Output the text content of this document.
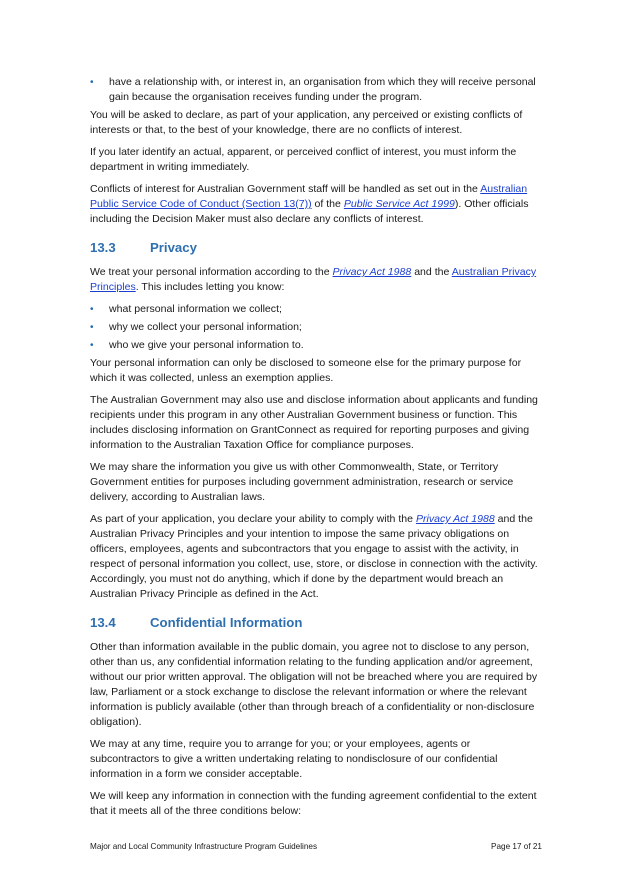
• have a relationship with, or interest in, an organisation from which they will receive personal gain because the organisation receives funding under the program.

You will be asked to declare, as part of your application, any perceived or existing conflicts of interests or that, to the best of your knowledge, there are no conflicts of interest.

If you later identify an actual, apparent, or perceived conflict of interest, you must inform the department in writing immediately.

Conflicts of interest for Australian Government staff will be handled as set out in the Australian Public Service Code of Conduct (Section 13(7)) of the Public Service Act 1999). Other officials including the Decision Maker must also declare any conflicts of interest.

13.3	Privacy

We treat your personal information according to the Privacy Act 1988 and the Australian Privacy Principles. This includes letting you know:

• what personal information we collect;
• why we collect your personal information;
• who we give your personal information to.

Your personal information can only be disclosed to someone else for the primary purpose for which it was collected, unless an exemption applies.

The Australian Government may also use and disclose information about applicants and funding recipients under this program in any other Australian Government business or function. This includes disclosing information on GrantConnect as required for reporting purposes and giving information to the Australian Taxation Office for compliance purposes.

We may share the information you give us with other Commonwealth, State, or Territory Government entities for purposes including government administration, research or service delivery, according to Australian laws.

As part of your application, you declare your ability to comply with the Privacy Act 1988 and the Australian Privacy Principles and your intention to impose the same privacy obligations on officers, employees, agents and subcontractors that you engage to assist with the activity, in respect of personal information you collect, use, store, or disclose in connection with the activity. Accordingly, you must not do anything, which if done by the department would breach an Australian Privacy Principle as defined in the Act.

13.4	Confidential Information

Other than information available in the public domain, you agree not to disclose to any person, other than us, any confidential information relating to the funding application and/or agreement, without our prior written approval. The obligation will not be breached where you are required by law, Parliament or a stock exchange to disclose the relevant information or where the relevant information is publicly available (other than through breach of a confidentiality or non-disclosure obligation).

We may at any time, require you to arrange for you; or your employees, agents or subcontractors to give a written undertaking relating to nondisclosure of our confidential information in a form we consider acceptable.

We will keep any information in connection with the funding agreement confidential to the extent that it meets all of the three conditions below:

Major and Local Community Infrastructure Program Guidelines	Page 17 of 21
